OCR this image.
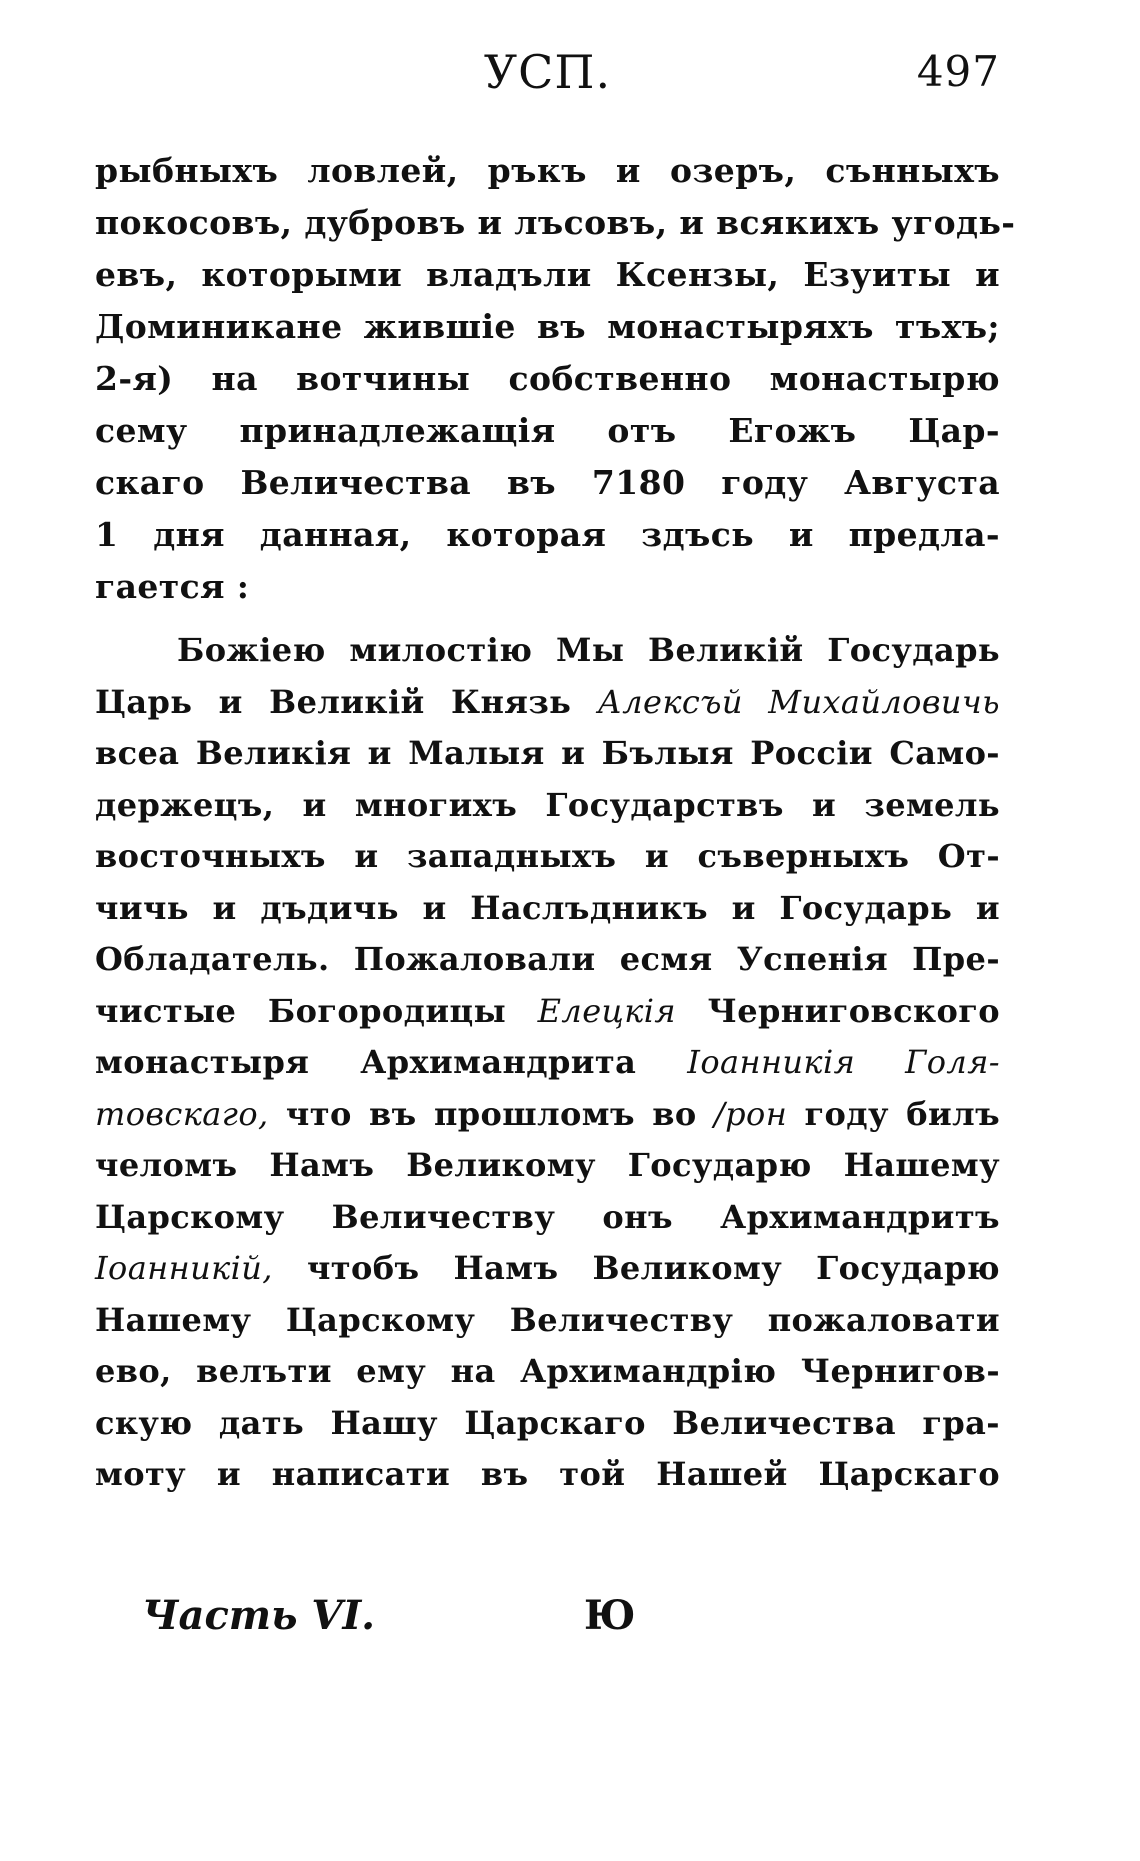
УСП.	497
рыбныхъ ловлей, ръкъ и озеръ, сънныхъ
покосовъ, дубровъ и лъсовъ, и всякихъ угодь-
евъ, которыми владъли Ксензы, Езуиты и
Доминикане жившiе въ монастыряхъ тъхъ;
2-я) на вотчины собственно монастырю
сему принадлежащiя отъ Егожъ Цар-
скаго Величества въ 7180 году Августа
1 дня данная, которая здъсь и предла-
гается :
Божiею милостiю Мы Великiй Государь
Царь и Великiй Князь Алексъй Михайловичь
всеа Великiя и Малыя и Бълыя Россiи Само-
держецъ, и многихъ Государствъ и земель
восточныхъ и западныхъ и съверныхъ От-
чичь и дъдичь и Наслъдникъ и Государь и
Обладатель. Пожаловали есмя Успенiя Пре-
чистые Богородицы Елецкiя Черниговского
монастыря Архимандрита Iоанникiя Голя-
товскаго, что въ прошломъ во /рон году билъ
челомъ Намъ Великому Государю Нашему
Царскому Величеству онъ Архимандритъ
Iоанникiй, чтобъ Намъ Великому Государю
Нашему Царскому Величеству пожаловати
ево, велъти ему на Архимандрiю Чернигов-
скую дать Нашу Царскаго Величества гра-
моту и написати въ той Нашей Царскаго
Часть VI.	Ю
